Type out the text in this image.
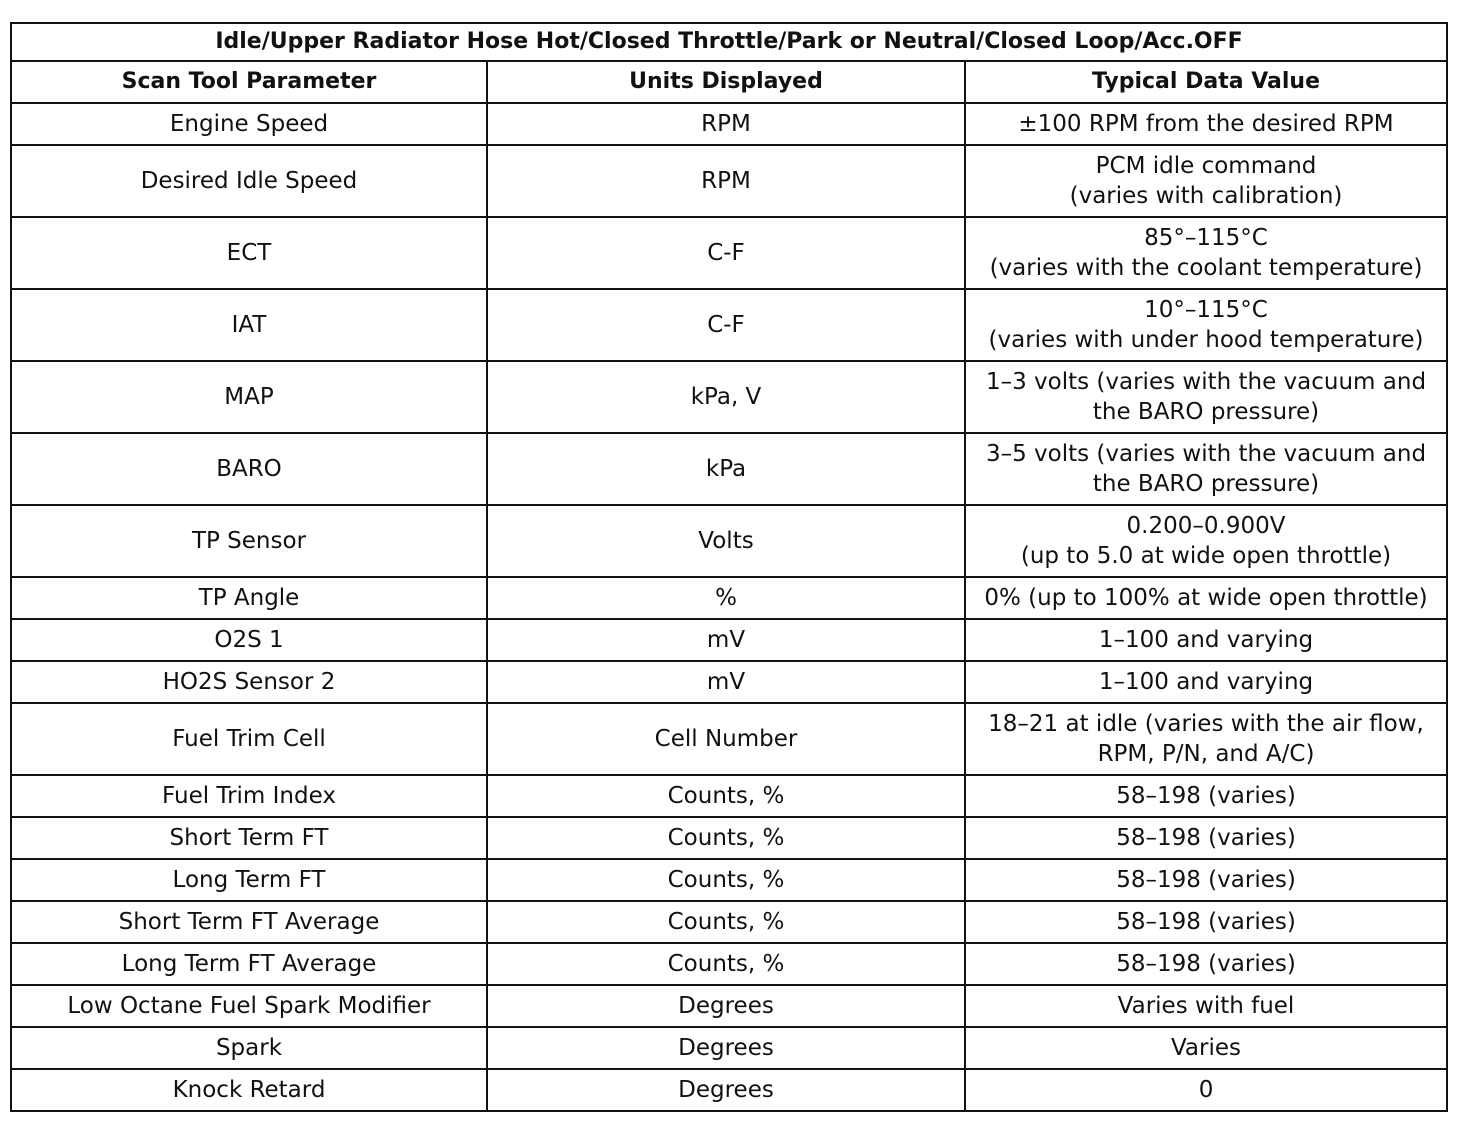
Idle/Upper Radiator Hose Hot/Closed Throttle/Park or Neutral/Closed Loop/Acc.OFF		
Scan Tool Parameter	Units Displayed	Typical Data Value
Engine Speed	RPM	±100 RPM from the desired RPM

Desired Idle Speed	RPM	PCM idle command
(varies with calibration)

ECT	C-F	85°–115°C
(varies with the coolant temperature)

IAT	C-F	10°–115°C
(varies with under hood temperature)

MAP	kPa, V	1–3 volts (varies with the vacuum and
the BARO pressure)

BARO	kPa	3–5 volts (varies with the vacuum and
the BARO pressure)

TP Sensor	Volts	0.200–0.900V
(up to 5.0 at wide open throttle)

TP Angle	%	0% (up to 100% at wide open throttle)

O2S 1	mV	1–100 and varying

HO2S Sensor 2	mV	1–100 and varying

Fuel Trim Cell	Cell Number	18–21 at idle (varies with the air flow,
RPM, P/N, and A/C)

Fuel Trim Index	Counts, %	58–198 (varies)

Short Term FT	Counts, %	58–198 (varies)

Long Term FT	Counts, %	58–198 (varies)

Short Term FT Average	Counts, %	58–198 (varies)

Long Term FT Average	Counts, %	58–198 (varies)

Low Octane Fuel Spark Modifier	Degrees	Varies with fuel

Spark	Degrees	Varies

Knock Retard	Degrees	0
